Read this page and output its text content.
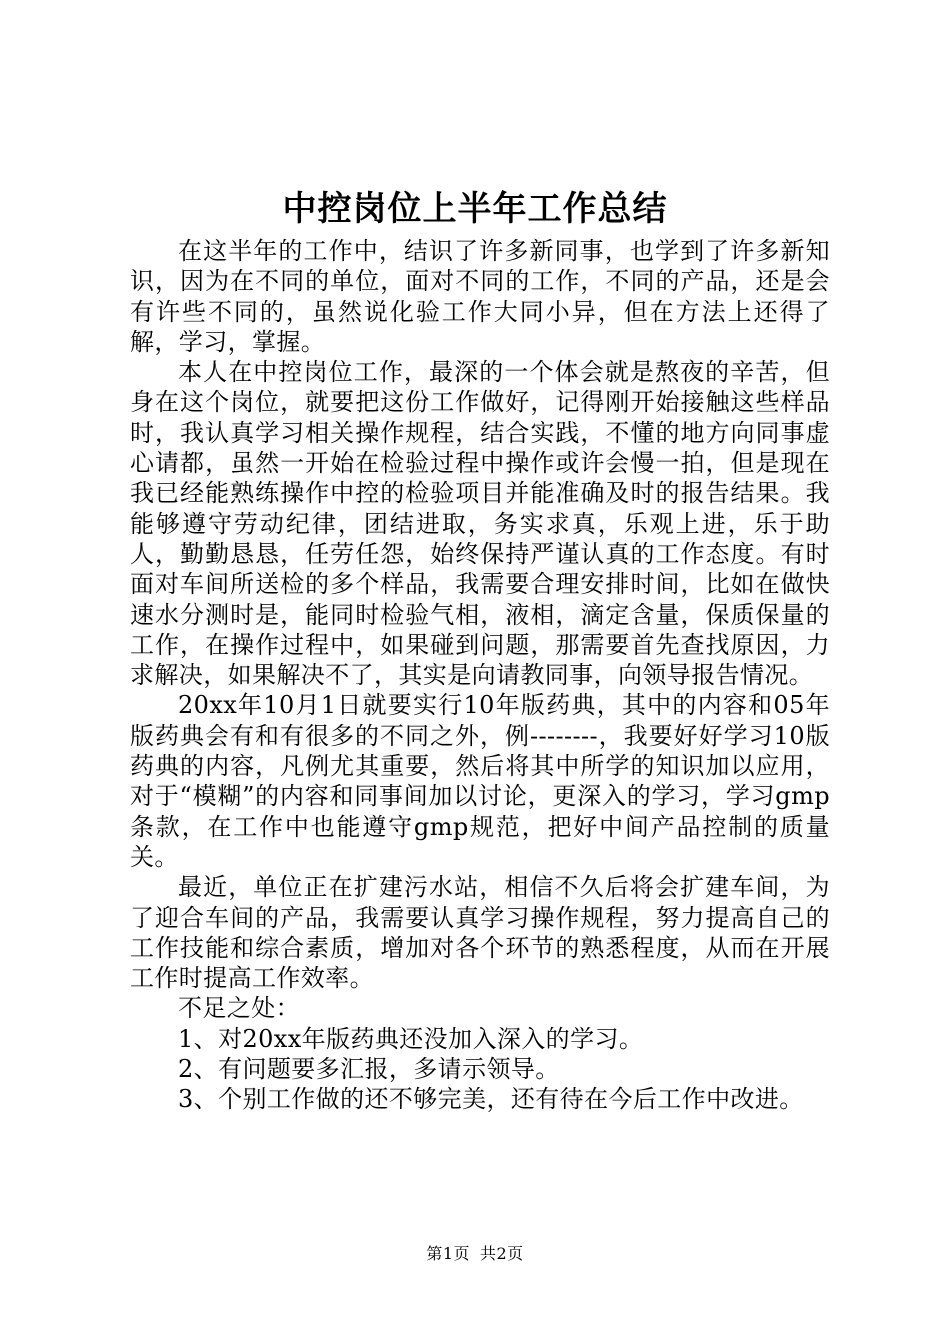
中控岗位上半年工作总结

在这半年的工作中，结识了许多新同事，也学到了许多新知识，因为在不同的单位，面对不同的工作，不同的产品，还是会有许些不同的，虽然说化验工作大同小异，但在方法上还得了解，学习，掌握。

本人在中控岗位工作，最深的一个体会就是熬夜的辛苦，但身在这个岗位，就要把这份工作做好，记得刚开始接触这些样品时，我认真学习相关操作规程，结合实践，不懂的地方向同事虚心请都，虽然一开始在检验过程中操作或许会慢一拍，但是现在我已经能熟练操作中控的检验项目并能准确及时的报告结果。我能够遵守劳动纪律，团结进取，务实求真，乐观上进，乐于助人，勤勤恳恳，任劳任怨，始终保持严谨认真的工作态度。有时面对车间所送检的多个样品，我需要合理安排时间，比如在做快速水分测时是，能同时检验气相，液相，滴定含量，保质保量的工作，在操作过程中，如果碰到问题，那需要首先查找原因，力求解决，如果解决不了，其实是向请教同事，向领导报告情况。

20xx年10月1日就要实行10年版药典，其中的内容和05年版药典会有和有很多的不同之外，例--------，我要好好学习10版药典的内容，凡例尤其重要，然后将其中所学的知识加以应用，对于“模糊”的内容和同事间加以讨论，更深入的学习，学习gmp条款，在工作中也能遵守gmp规范，把好中间产品控制的质量关。

最近，单位正在扩建污水站，相信不久后将会扩建车间，为了迎合车间的产品，我需要认真学习操作规程，努力提高自己的工作技能和综合素质，增加对各个环节的熟悉程度，从而在开展工作时提高工作效率。

不足之处：

1、对20xx年版药典还没加入深入的学习。

2、有问题要多汇报，多请示领导。

3、个别工作做的还不够完美，还有待在今后工作中改进。

第1页 共2页
